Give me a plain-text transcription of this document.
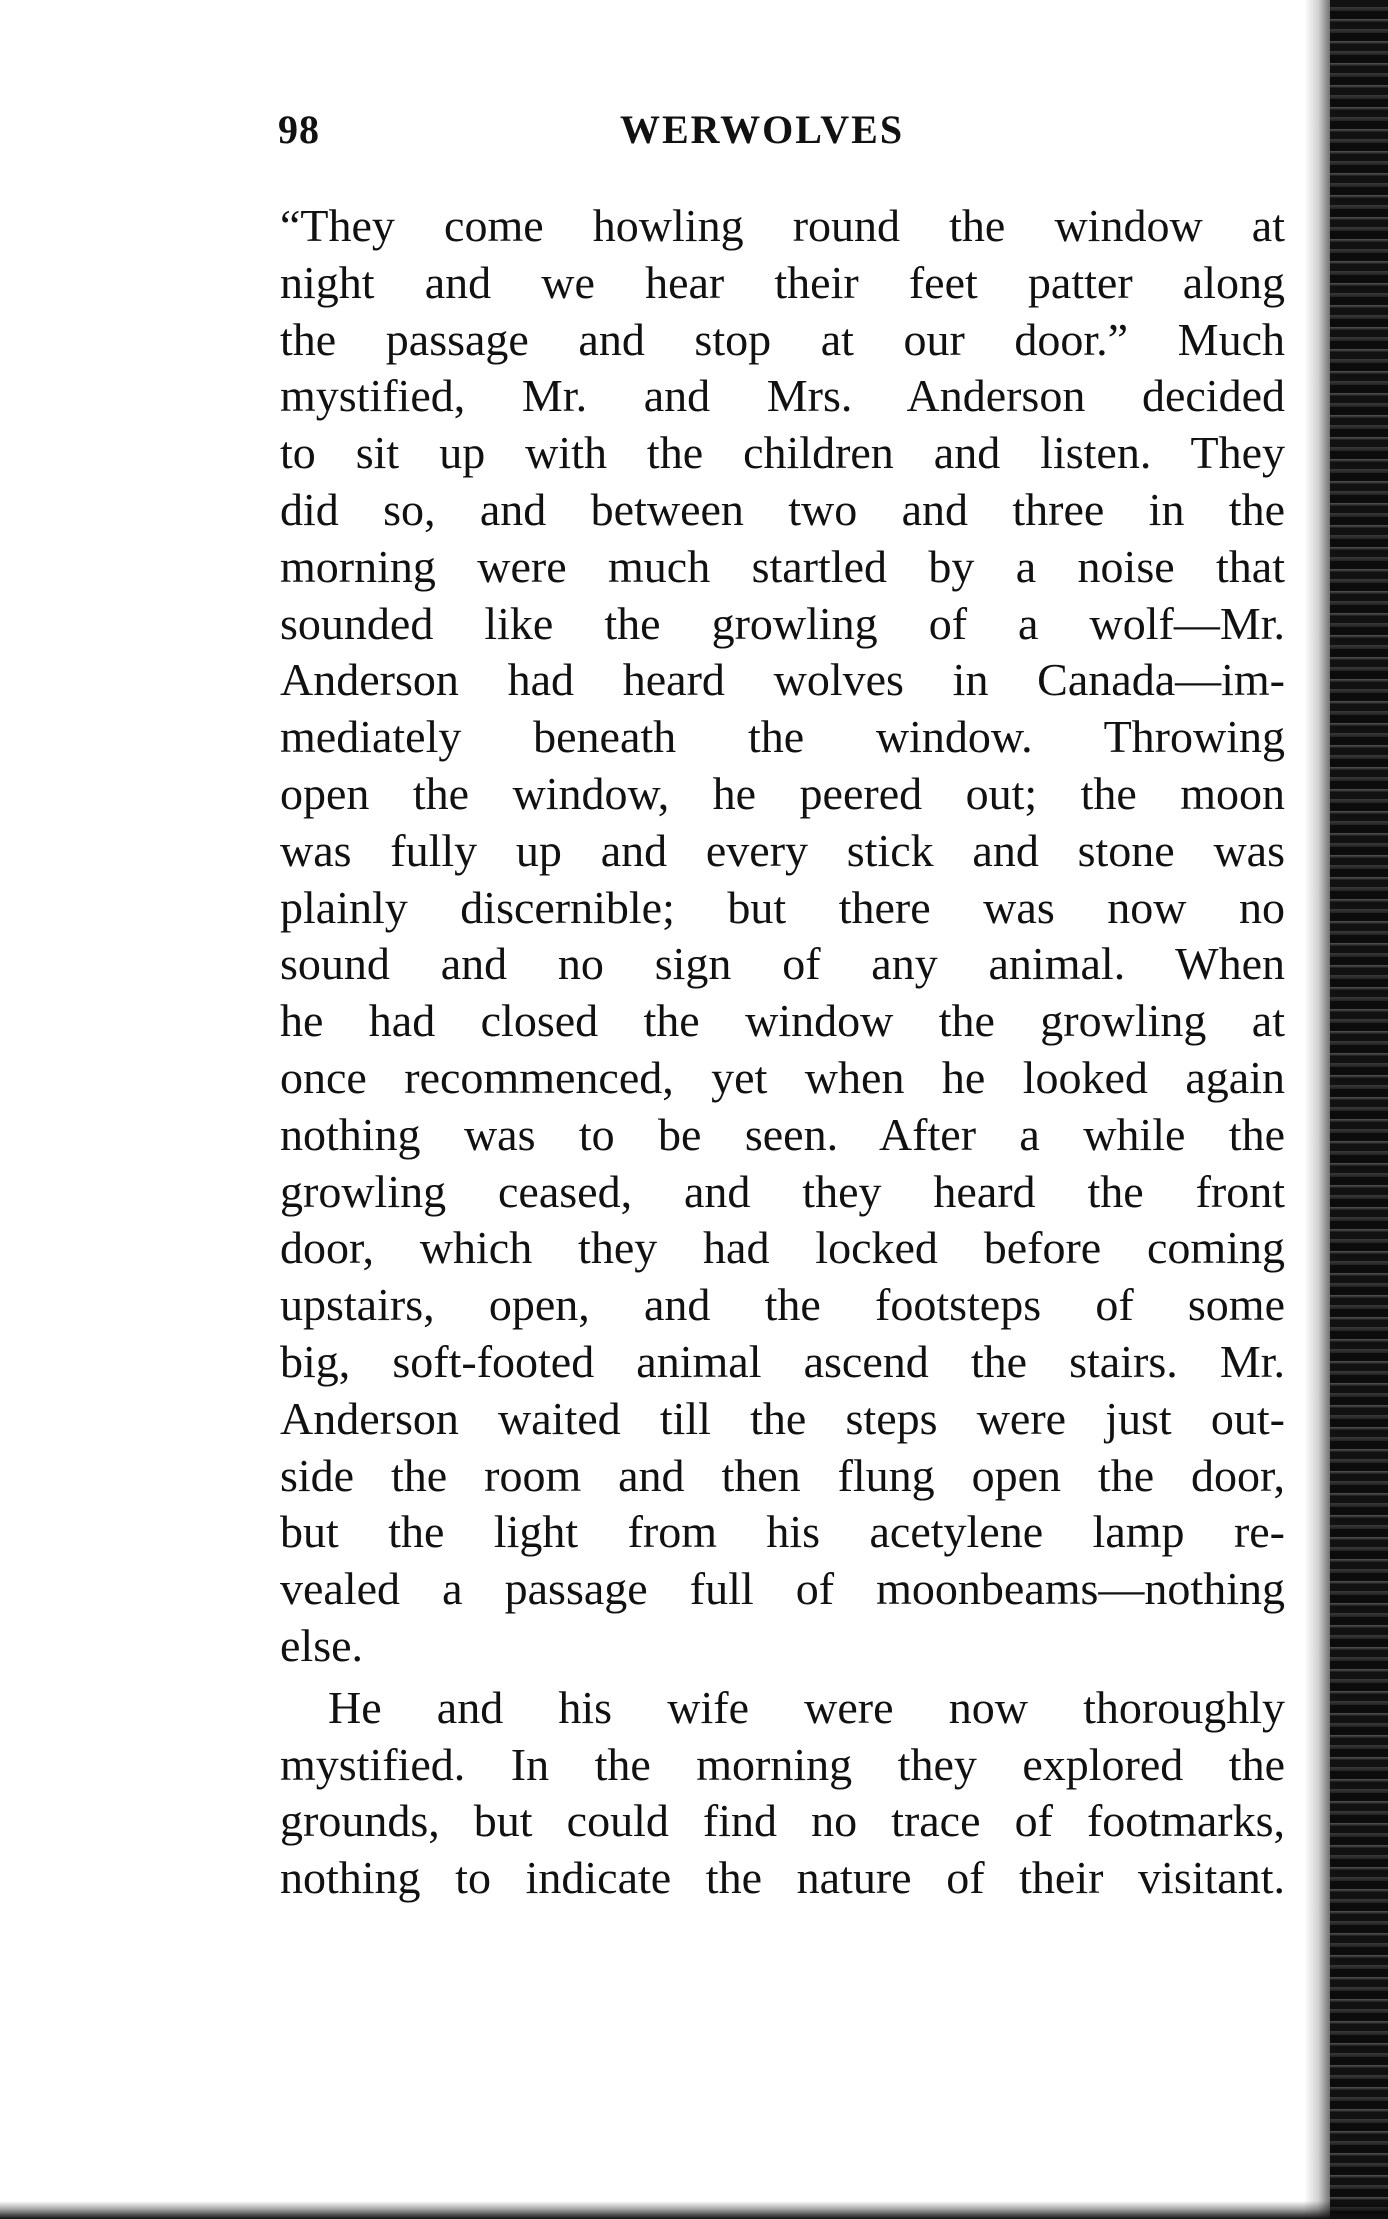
98	WERWOLVES
“They come howling round the window at
night and we hear their feet patter along
the passage and stop at our door.” Much
mystified, Mr. and Mrs. Anderson decided
to sit up with the children and listen. They
did so, and between two and three in the
morning were much startled by a noise that
sounded like the growling of a wolf—Mr.
Anderson had heard wolves in Canada—im-
mediately beneath the window. Throwing
open the window, he peered out; the moon
was fully up and every stick and stone was
plainly discernible; but there was now no
sound and no sign of any animal. When
he had closed the window the growling at
once recommenced, yet when he looked again
nothing was to be seen. After a while the
growling ceased, and they heard the front
door, which they had locked before coming
upstairs, open, and the footsteps of some
big, soft-footed animal ascend the stairs. Mr.
Anderson waited till the steps were just out-
side the room and then flung open the door,
but the light from his acetylene lamp re-
vealed a passage full of moonbeams—nothing
else.
He and his wife were now thoroughly
mystified. In the morning they explored the
grounds, but could find no trace of footmarks,
nothing to indicate the nature of their visitant.
